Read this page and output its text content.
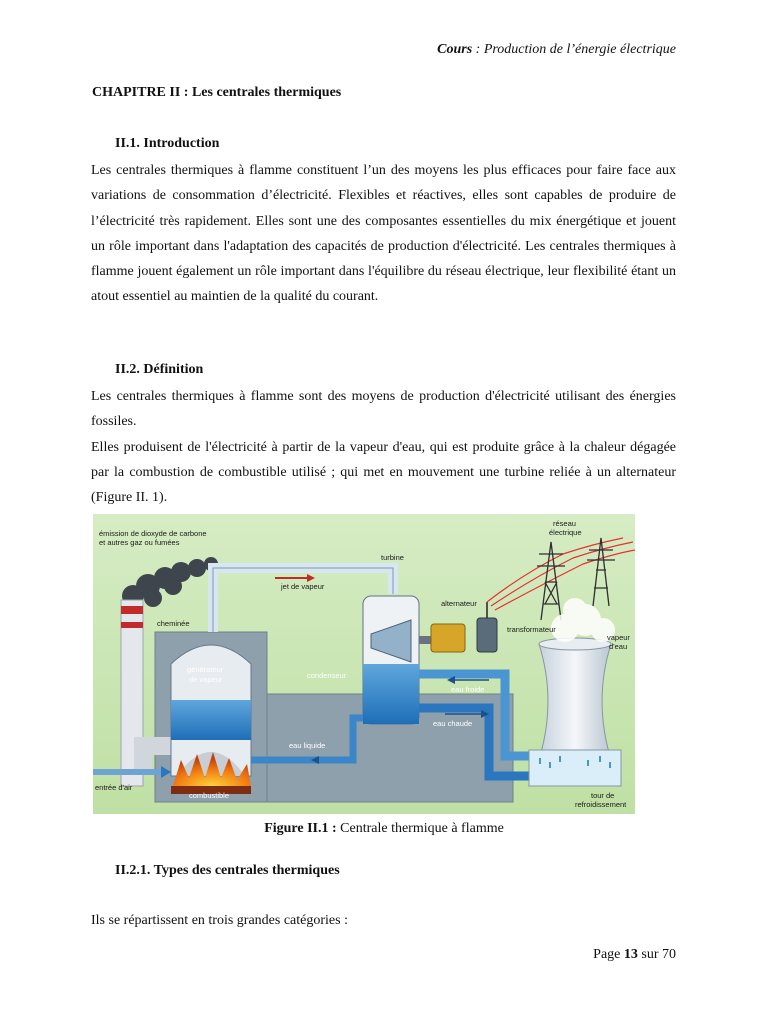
Cours : Production de l’énergie électrique
CHAPITRE II : Les centrales thermiques
II.1. Introduction

Les centrales thermiques à flamme constituent l’un des moyens les plus efficaces pour faire face aux variations de consommation d’électricité. Flexibles et réactives, elles sont capables de produire de l’électricité très rapidement. Elles sont une des composantes essentielles du mix énergétique et jouent un rôle important dans l'adaptation des capacités de production d'électricité. Les centrales thermiques à flamme jouent également un rôle important dans l'équilibre du réseau électrique, leur flexibilité étant un atout essentiel au maintien de la qualité du courant.

II.2. Définition

Les centrales thermiques à flamme sont des moyens de production d'électricité utilisant des énergies fossiles.

Elles produisent de l'électricité à partir de la vapeur d'eau, qui est produite grâce à la chaleur dégagée par la combustion de combustible utilisé ; qui met en mouvement une turbine reliée à un alternateur (Figure II. 1).

émission de dioxyde de carbone
et autres gaz ou fumées
cheminée
jet de vapeur
turbine
alternateur
réseau
électrique
transformateur
vapeur
d'eau
générateur
de vapeur	condenseur
eau froide
eau chaude
eau liquide
entrée d'air
combustible	tour de
refroidissement
Figure II.1 : Centrale thermique à flamme
II.2.1. Types des centrales thermiques

Ils se répartissent en trois grandes catégories :

Page 13 sur 70
